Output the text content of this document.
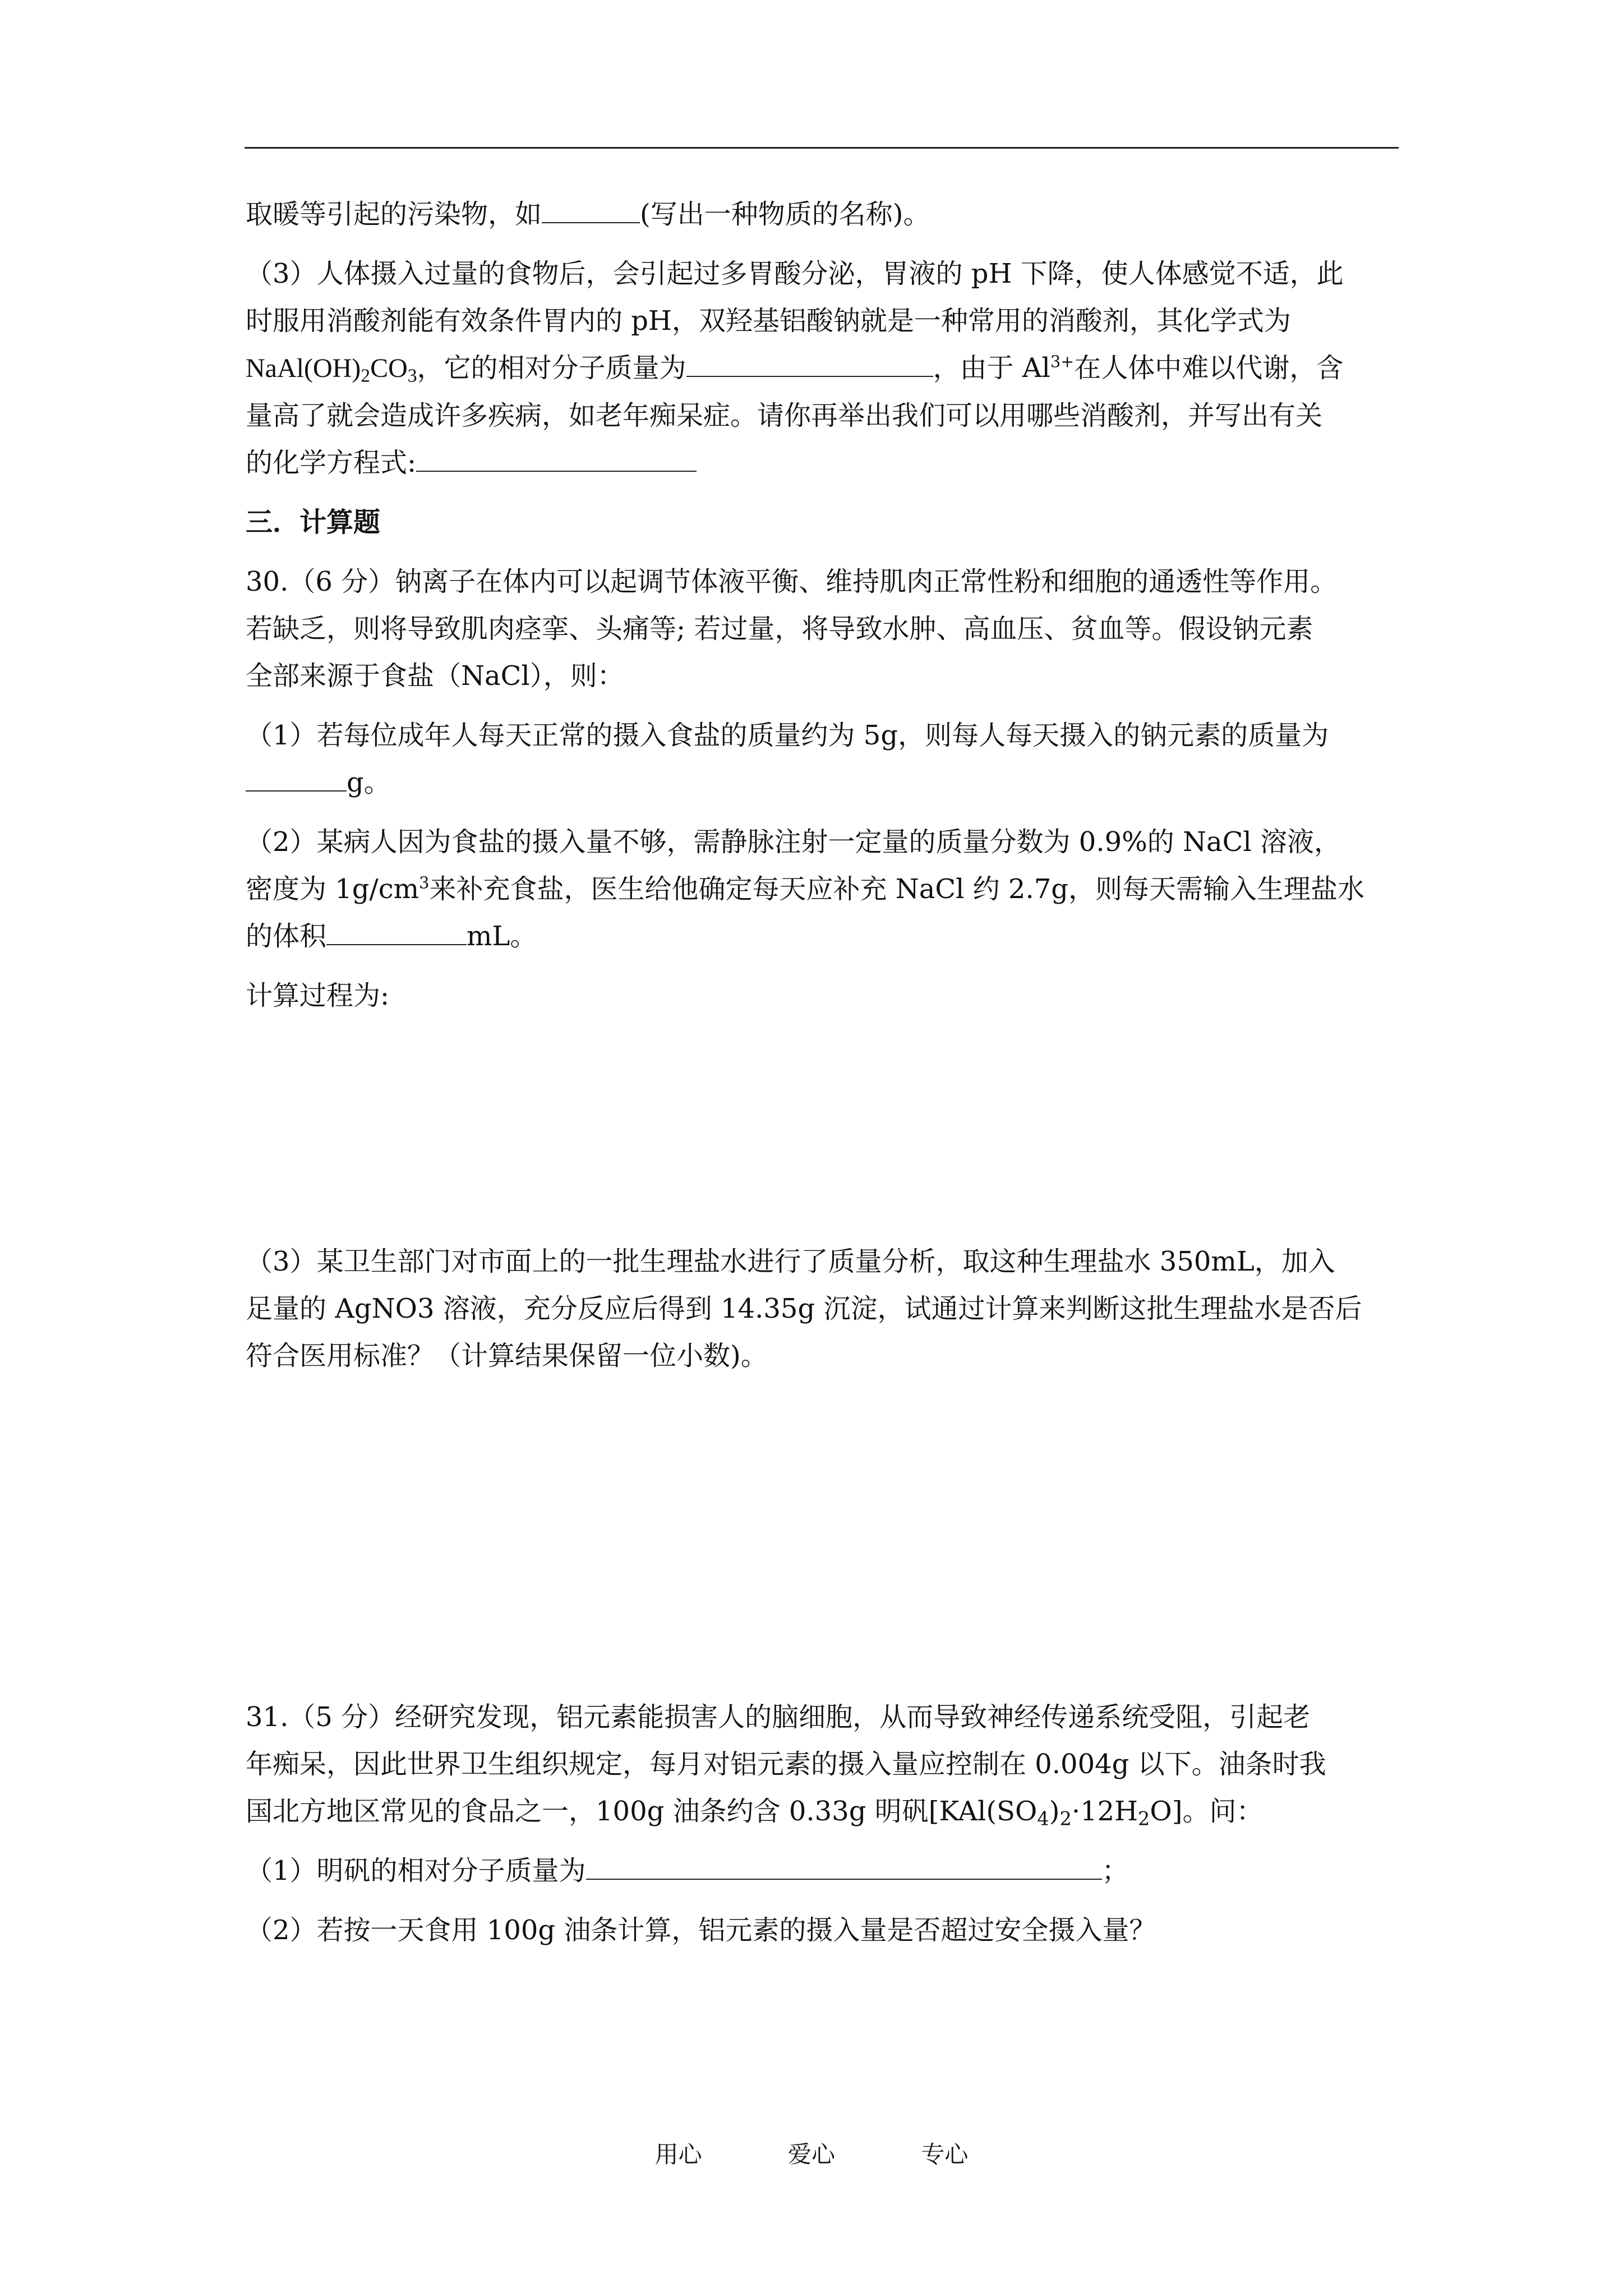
取暖等引起的污染物，如	(写出一种物质的名称)。

（3）人体摄入过量的食物后，会引起过多胃酸分泌，胃液的 pH 下降，使人体感觉不适，此

时服用消酸剂能有效条件胃内的 pH，双羟基铝酸钠就是一种常用的消酸剂，其化学式为

$NaAl(OH)_2CO_3$，它的相对分子质量为	，由于 $Al^{3+}$在人体中难以代谢，含

量高了就会造成许多疾病，如老年痴呆症。请你再举出我们可以用哪些消酸剂，并写出有关

的化学方程式:

三．计算题

30.（6 分）钠离子在体内可以起调节体液平衡、维持肌肉正常性粉和细胞的通透性等作用。

若缺乏，则将导致肌肉痉挛、头痛等; 若过量，将导致水肿、高血压、贫血等。假设钠元素

全部来源于食盐（NaCl），则：

（1）若每位成年人每天正常的摄入食盐的质量约为 5g，则每人每天摄入的钠元素的质量为

g。

（2）某病人因为食盐的摄入量不够，需静脉注射一定量的质量分数为 0.9%的 NaCl 溶液，

密度为 $1g/cm^3$来补充食盐，医生给他确定每天应补充 NaCl 约 2.7g，则每天需输入生理盐水

的体积	mL。

计算过程为:

（3）某卫生部门对市面上的一批生理盐水进行了质量分析，取这种生理盐水 350mL，加入

足量的 AgNO3 溶液，充分反应后得到 14.35g 沉淀，试通过计算来判断这批生理盐水是否后

符合医用标准？（计算结果保留一位小数)。

31.（5 分）经研究发现，铝元素能损害人的脑细胞，从而导致神经传递系统受阻，引起老

年痴呆，因此世界卫生组织规定，每月对铝元素的摄入量应控制在 0.004g 以下。油条时我

国北方地区常见的食品之一，100g 油条约含 0.33g 明矾$[KAl(SO_4)_2\cdot 12H_2O]$。问：

（1）明矾的相对分子质量为	；

（2）若按一天食用 100g 油条计算，铝元素的摄入量是否超过安全摄入量？

用心	爱心	专心
